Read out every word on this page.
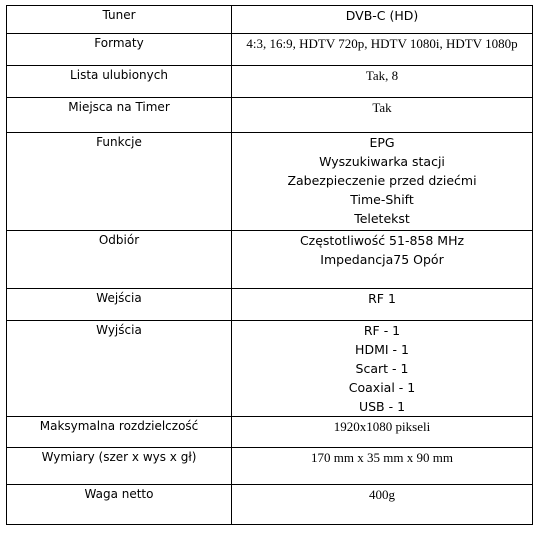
Tuner	DVB-C (HD)

Formaty	4:3, 16:9, HDTV 720p, HDTV 1080i, HDTV 1080p

Lista ulubionych	Tak, 8

Miejsca na Timer	Tak

Funkcje	EPG
Wyszukiwarka stacji
Zabezpieczenie przed dziećmi
Time-Shift
Teletekst

Odbiór	Częstotliwość 51-858 MHz
Impedancja75 Opór

Wejścia	RF 1

Wyjścia	RF - 1
HDMI - 1
Scart - 1
Coaxial - 1
USB - 1

Maksymalna rozdzielczość	1920x1080 pikseli

Wymiary (szer x wys x gł)	170 mm x 35 mm x 90 mm

Waga netto	400g
